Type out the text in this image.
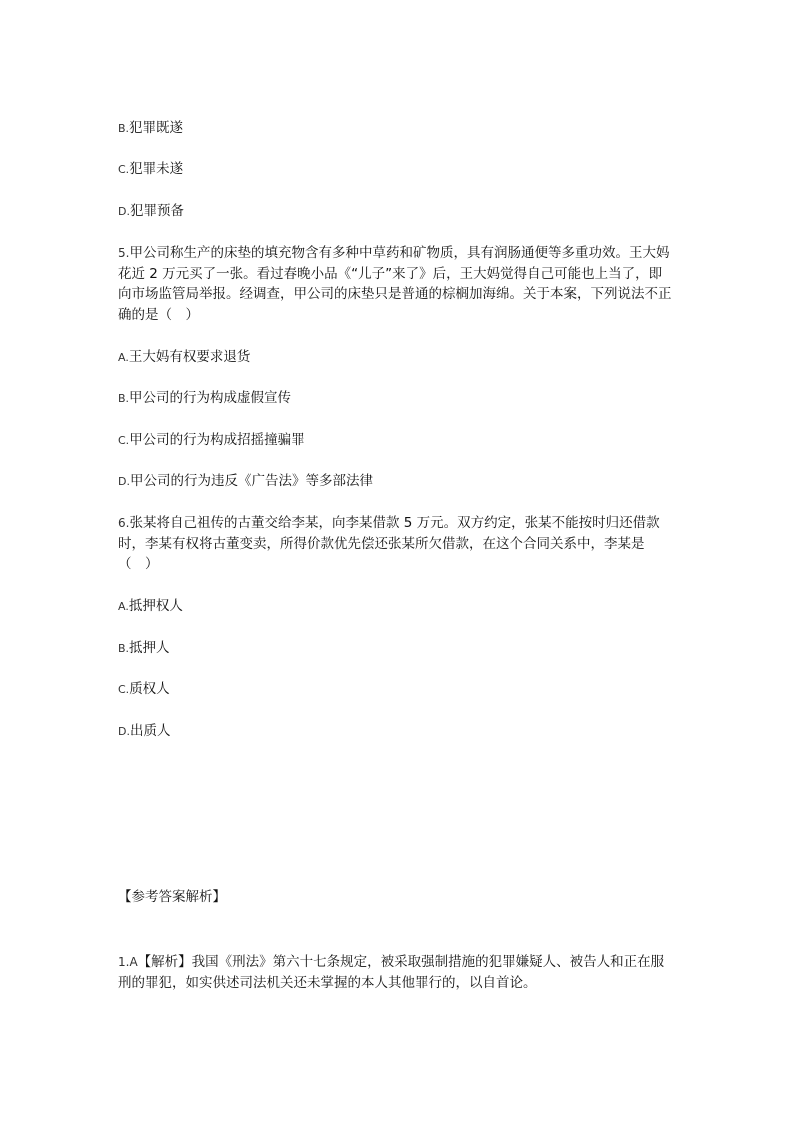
B.犯罪既遂
C.犯罪未遂
D.犯罪预备
5.甲公司称生产的床垫的填充物含有多种中草药和矿物质，具有润肠通便等多重功效。王大妈花近 2 万元买了一张。看过春晚小品《“儿子”来了》后，王大妈觉得自己可能也上当了，即向市场监管局举报。经调查，甲公司的床垫只是普通的棕榈加海绵。关于本案，下列说法不正确的是（　）
A.王大妈有权要求退货
B.甲公司的行为构成虚假宣传
C.甲公司的行为构成招摇撞骗罪
D.甲公司的行为违反《广告法》等多部法律
6.张某将自己祖传的古董交给李某，向李某借款 5 万元。双方约定，张某不能按时归还借款时，李某有权将古董变卖，所得价款优先偿还张某所欠借款，在这个合同关系中，李某是（　）
A.抵押权人
B.抵押人
C.质权人
D.出质人
【参考答案解析】
1.A【解析】我国《刑法》第六十七条规定，被采取强制措施的犯罪嫌疑人、被告人和正在服刑的罪犯，如实供述司法机关还未掌握的本人其他罪行的，以自首论。
